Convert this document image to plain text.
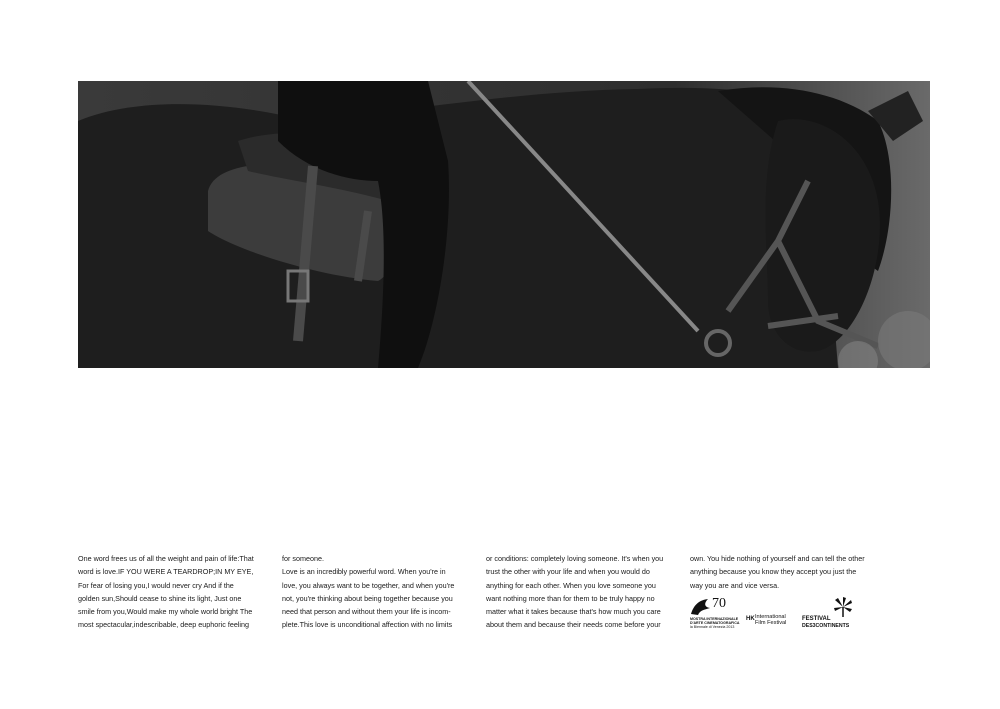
One word frees us of all the weight and pain of life:That
word is love.IF YOU WERE A TEARDROP;IN MY EYE,
For fear of losing you,I would never cry And if the
golden sun,Should cease to shine its light, Just one
smile from you,Would make my whole world bright The
most spectacular,indescribable, deep euphoric feeling
for someone.
Love is an incredibly powerful word. When you're in
love, you always want to be together, and when you're
not, you're thinking about being together because you
need that person and without them your life is incom-
plete.This love is unconditional affection with no limits
or conditions: completely loving someone. It's when you
trust the other with your life and when you would do
anything for each other. When you love someone you
want nothing more than for them to be truly happy no
matter what it takes because that's how much you care
about them and because their needs come before your
own. You hide nothing of yourself and can tell the other
anything because you know they accept you just the
way you are and vice versa.
70
MOSTRA INTERNAZIONALE
D'ARTE CINEMATOGRAFICA
la Biennale di Venezia 2013
HK International
Film Festival
FESTIVAL
DES3CONTINENTS
